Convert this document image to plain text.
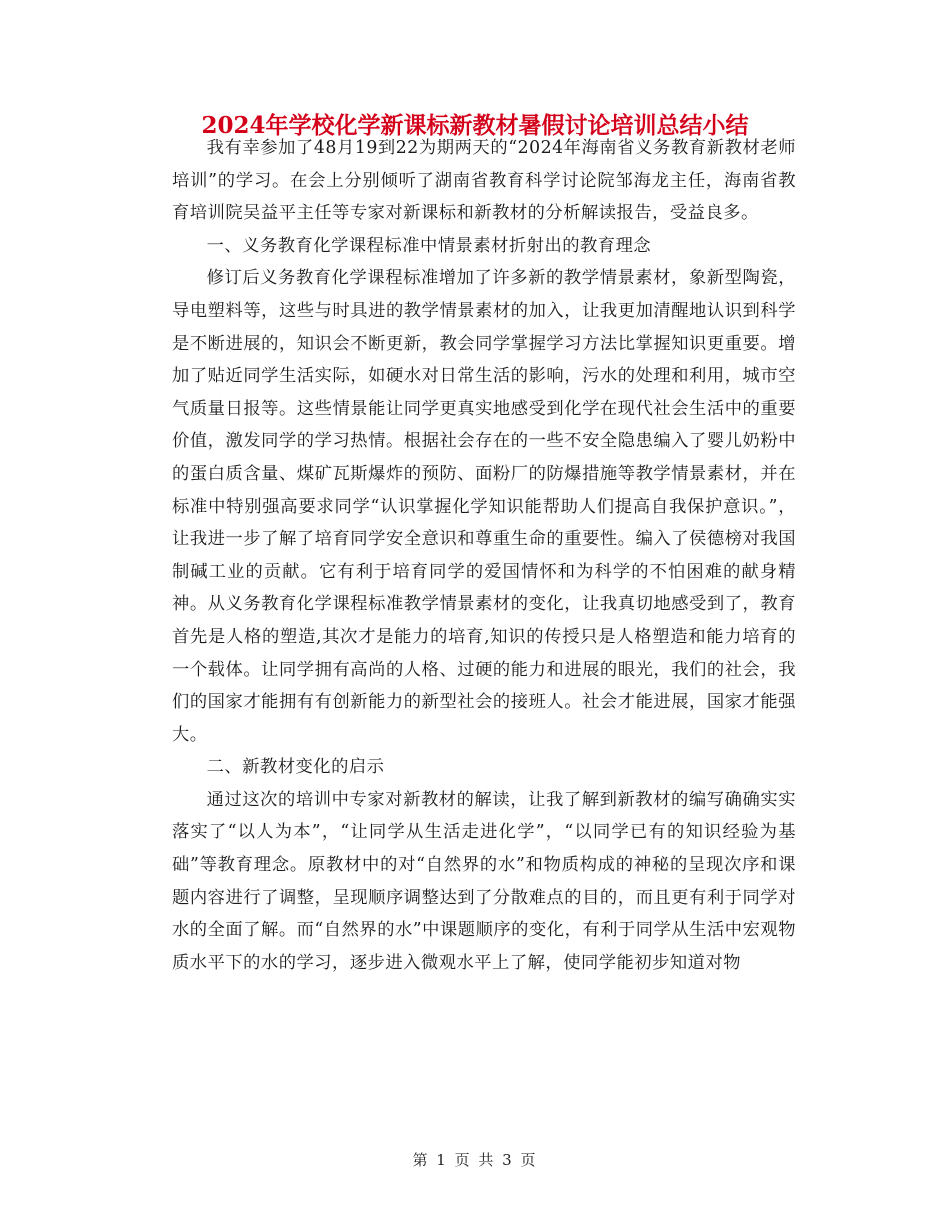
2024年学校化学新课标新教材暑假讨论培训总结小结

我有幸参加了48月19到22为期两天的“2024年海南省义务教育新教材老师培训”的学习。在会上分别倾听了湖南省教育科学讨论院邹海龙主任，海南省教育培训院吴益平主任等专家对新课标和新教材的分析解读报告，受益良多。

一、义务教育化学课程标准中情景素材折射出的教育理念

修订后义务教育化学课程标准增加了许多新的教学情景素材，象新型陶瓷，导电塑料等，这些与时具进的教学情景素材的加入，让我更加清醒地认识到科学是不断进展的，知识会不断更新，教会同学掌握学习方法比掌握知识更重要。增加了贴近同学生活实际，如硬水对日常生活的影响，污水的处理和利用，城市空气质量日报等。这些情景能让同学更真实地感受到化学在现代社会生活中的重要价值，激发同学的学习热情。根据社会存在的一些不安全隐患编入了婴儿奶粉中的蛋白质含量、煤矿瓦斯爆炸的预防、面粉厂的防爆措施等教学情景素材，并在标准中特别强高要求同学“认识掌握化学知识能帮助人们提高自我保护意识。”，让我进一步了解了培育同学安全意识和尊重生命的重要性。编入了侯德榜对我国制碱工业的贡献。它有利于培育同学的爱国情怀和为科学的不怕困难的献身精神。从义务教育化学课程标准教学情景素材的变化，让我真切地感受到了，教育首先是人格的塑造,其次才是能力的培育,知识的传授只是人格塑造和能力培育的一个载体。让同学拥有高尚的人格、过硬的能力和进展的眼光，我们的社会，我们的国家才能拥有有创新能力的新型社会的接班人。社会才能进展，国家才能强大。

二、新教材变化的启示

通过这次的培训中专家对新教材的解读，让我了解到新教材的编写确确实实落实了“以人为本”，“让同学从生活走进化学”，“以同学已有的知识经验为基础”等教育理念。原教材中的对“自然界的水”和物质构成的神秘的呈现次序和课题内容进行了调整，呈现顺序调整达到了分散难点的目的，而且更有利于同学对水的全面了解。而“自然界的水”中课题顺序的变化，有利于同学从生活中宏观物质水平下的水的学习，逐步进入微观水平上了解，使同学能初步知道对物

第 1 页 共 3 页
